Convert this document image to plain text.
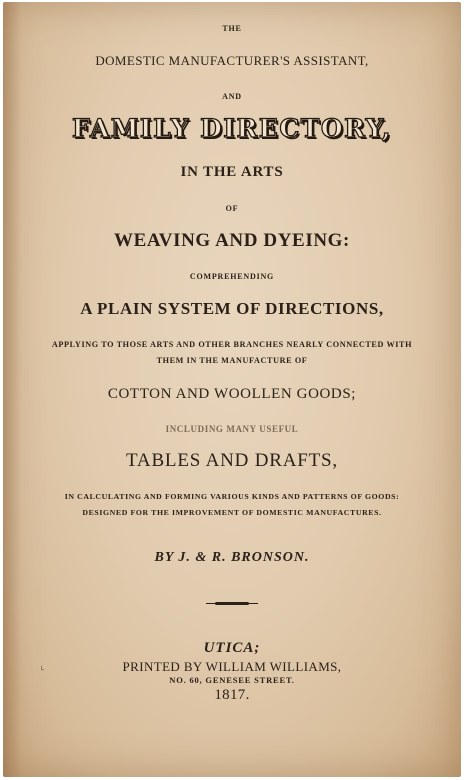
THE
DOMESTIC MANUFACTURER'S ASSISTANT,
AND
FAMILY DIRECTORY,
IN THE ARTS
OF
WEAVING AND DYEING:
COMPREHENDING
A PLAIN SYSTEM OF DIRECTIONS,
APPLYING TO THOSE ARTS AND OTHER BRANCHES NEARLY CONNECTED WITH
THEM IN THE MANUFACTURE OF
COTTON AND WOOLLEN GOODS;
INCLUDING MANY USEFUL
TABLES AND DRAFTS,
IN CALCULATING AND FORMING VARIOUS KINDS AND PATTERNS OF GOODS:
DESIGNED FOR THE IMPROVEMENT OF DOMESTIC MANUFACTURES.
BY J. & R. BRONSON.
UTICA;
PRINTED BY WILLIAM WILLIAMS,
NO. 60, GENESEE STREET.
1817.
˪
